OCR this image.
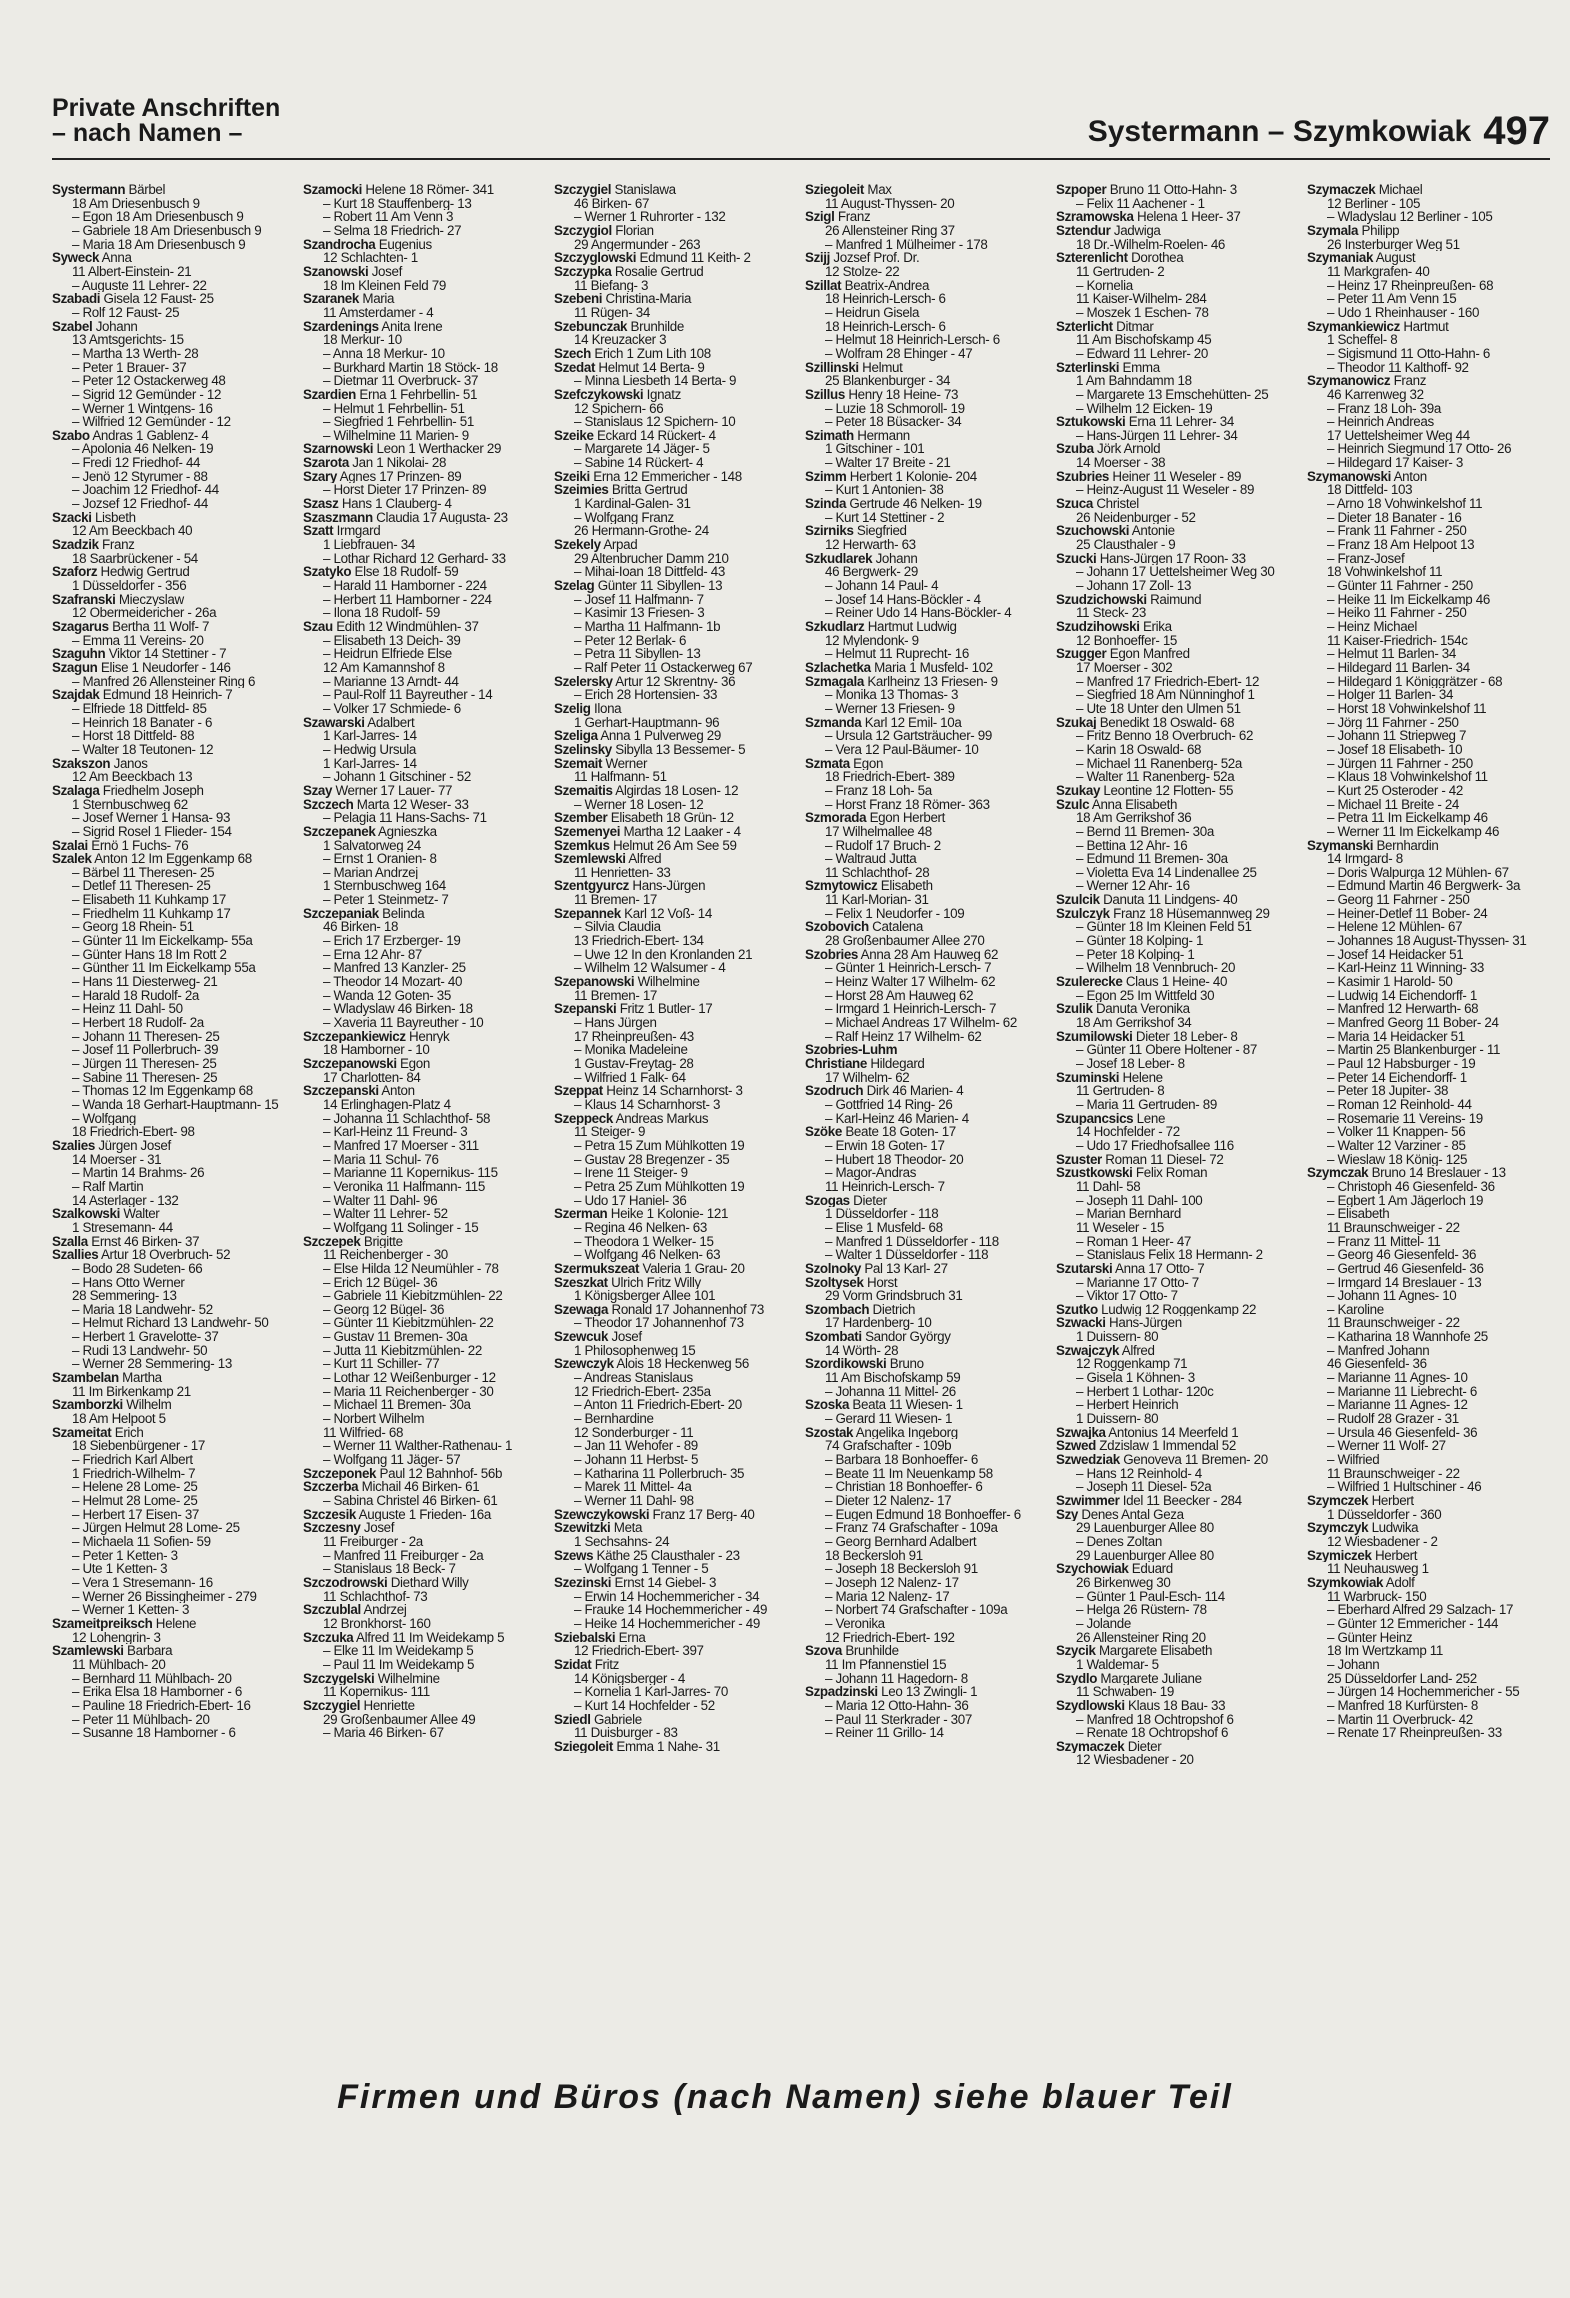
Private Anschriften
– nach Namen –	Systermann – Szymkowiak 497
Systermann Bärbel
18 Am Driesenbusch 9
– Egon 18 Am Driesenbusch 9
– Gabriele 18 Am Driesenbusch 9
– Maria 18 Am Driesenbusch 9
Syweck Anna
11 Albert-Einstein- 21
– Auguste 11 Lehrer- 22
Szabadi Gisela 12 Faust- 25
– Rolf 12 Faust- 25
Szabel Johann
13 Amtsgerichts- 15
– Martha 13 Werth- 28
– Peter 1 Brauer- 37
– Peter 12 Ostackerweg 48
– Sigrid 12 Gemünder - 12
– Werner 1 Wintgens- 16
– Wilfried 12 Gemünder - 12
Szabo Andras 1 Gablenz- 4
– Apolonia 46 Nelken- 19
– Fredi 12 Friedhof- 44
– Jenö 12 Styrumer - 88
– Joachim 12 Friedhof- 44
– Jozsef 12 Friedhof- 44
Szacki Lisbeth
12 Am Beeckbach 40
Szadzik Franz
18 Saarbrückener - 54
Szaforz Hedwig Gertrud
1 Düsseldorfer - 356
Szafranski Mieczyslaw
12 Obermeidericher - 26a
Szagarus Bertha 11 Wolf- 7
– Emma 11 Vereins- 20
Szaguhn Viktor 14 Stettiner - 7
Szagun Elise 1 Neudorfer - 146
– Manfred 26 Allensteiner Ring 6
Szajdak Edmund 18 Heinrich- 7
– Elfriede 18 Dittfeld- 85
– Heinrich 18 Banater - 6
– Horst 18 Dittfeld- 88
– Walter 18 Teutonen- 12
Szakszon Janos
12 Am Beeckbach 13
Szalaga Friedhelm Joseph
1 Sternbuschweg 62
– Josef Werner 1 Hansa- 93
– Sigrid Rosel 1 Flieder- 154
Szalai Ernö 1 Fuchs- 76
Szalek Anton 12 Im Eggenkamp 68
– Bärbel 11 Theresen- 25
– Detlef 11 Theresen- 25
– Elisabeth 11 Kuhkamp 17
– Friedhelm 11 Kuhkamp 17
– Georg 18 Rhein- 51
– Günter 11 Im Eickelkamp- 55a
– Günter Hans 18 Im Rott 2
– Günther 11 Im Eickelkamp 55a
– Hans 11 Diesterweg- 21
– Harald 18 Rudolf- 2a
– Heinz 11 Dahl- 50
– Herbert 18 Rudolf- 2a
– Johann 11 Theresen- 25
– Josef 11 Pollerbruch- 39
– Jürgen 11 Theresen- 25
– Sabine 11 Theresen- 25
– Thomas 12 Im Eggenkamp 68
– Wanda 18 Gerhart-Hauptmann- 15
– Wolfgang
18 Friedrich-Ebert- 98
Szalies Jürgen Josef
14 Moerser - 31
– Martin 14 Brahms- 26
– Ralf Martin
14 Asterlager - 132
Szalkowski Walter
1 Stresemann- 44
Szalla Ernst 46 Birken- 37
Szallies Artur 18 Overbruch- 52
– Bodo 28 Sudeten- 66
– Hans Otto Werner
28 Semmering- 13
– Maria 18 Landwehr- 52
– Helmut Richard 13 Landwehr- 50
– Herbert 1 Gravelotte- 37
– Rudi 13 Landwehr- 50
– Werner 28 Semmering- 13
Szambelan Martha
11 Im Birkenkamp 21
Szamborzki Wilhelm
18 Am Helpoot 5
Szameitat Erich
18 Siebenbürgener - 17
– Friedrich Karl Albert
1 Friedrich-Wilhelm- 7
– Helene 28 Lome- 25
– Helmut 28 Lome- 25
– Herbert 17 Eisen- 37
– Jürgen Helmut 28 Lome- 25
– Michaela 11 Sofien- 59
– Peter 1 Ketten- 3
– Ute 1 Ketten- 3
– Vera 1 Stresemann- 16
– Werner 26 Bissingheimer - 279
– Werner 1 Ketten- 3
Szameitpreiksch Helene
12 Lohengrin- 3
Szamlewski Barbara
11 Mühlbach- 20
– Bernhard 11 Mühlbach- 20
– Erika Elsa 18 Hamborner - 6
– Pauline 18 Friedrich-Ebert- 16
– Peter 11 Mühlbach- 20
– Susanne 18 Hamborner - 6
Szamocki Helene 18 Römer- 341
– Kurt 18 Stauffenberg- 13
– Robert 11 Am Venn 3
– Selma 18 Friedrich- 27
Szandrocha Eugenius
12 Schlachten- 1
Szanowski Josef
18 Im Kleinen Feld 79
Szaranek Maria
11 Amsterdamer - 4
Szardenings Anita Irene
18 Merkur- 10
– Anna 18 Merkur- 10
– Burkhard Martin 18 Stöck- 18
– Dietmar 11 Overbruck- 37
Szardien Erna 1 Fehrbellin- 51
– Helmut 1 Fehrbellin- 51
– Siegfried 1 Fehrbellin- 51
– Wilhelmine 11 Marien- 9
Szarnowski Leon 1 Werthacker 29
Szarota Jan 1 Nikolai- 28
Szary Agnes 17 Prinzen- 89
– Horst Dieter 17 Prinzen- 89
Szasz Hans 1 Clauberg- 4
Szaszmann Claudia 17 Augusta- 23
Szatt Irmgard
1 Liebfrauen- 34
– Lothar Richard 12 Gerhard- 33
Szatyko Else 18 Rudolf- 59
– Harald 11 Hamborner - 224
– Herbert 11 Hamborner - 224
– Ilona 18 Rudolf- 59
Szau Edith 12 Windmühlen- 37
– Elisabeth 13 Deich- 39
– Heidrun Elfriede Else
12 Am Kamannshof 8
– Marianne 13 Arndt- 44
– Paul-Rolf 11 Bayreuther - 14
– Volker 17 Schmiede- 6
Szawarski Adalbert
1 Karl-Jarres- 14
– Hedwig Ursula
1 Karl-Jarres- 14
– Johann 1 Gitschiner - 52
Szay Werner 17 Lauer- 77
Szczech Marta 12 Weser- 33
– Pelagia 11 Hans-Sachs- 71
Szczepanek Agnieszka
1 Salvatorweg 24
– Ernst 1 Oranien- 8
– Marian Andrzej
1 Sternbuschweg 164
– Peter 1 Steinmetz- 7
Szczepaniak Belinda
46 Birken- 18
– Erich 17 Erzberger- 19
– Erna 12 Ahr- 87
– Manfred 13 Kanzler- 25
– Theodor 14 Mozart- 40
– Wanda 12 Goten- 35
– Wladyslaw 46 Birken- 18
– Xaveria 11 Bayreuther - 10
Szczepankiewicz Henryk
18 Hamborner - 10
Szczepanowski Egon
17 Charlotten- 84
Szczepanski Anton
14 Erlinghagen-Platz 4
– Johanna 11 Schlachthof- 58
– Karl-Heinz 11 Freund- 3
– Manfred 17 Moerser - 311
– Maria 11 Schul- 76
– Marianne 11 Kopernikus- 115
– Veronika 11 Halfmann- 115
– Walter 11 Dahl- 96
– Walter 11 Lehrer- 52
– Wolfgang 11 Solinger - 15
Szczepek Brigitte
11 Reichenberger - 30
– Else Hilda 12 Neumühler - 78
– Erich 12 Bügel- 36
– Gabriele 11 Kiebitzmühlen- 22
– Georg 12 Bügel- 36
– Günter 11 Kiebitzmühlen- 22
– Gustav 11 Bremen- 30a
– Jutta 11 Kiebitzmühlen- 22
– Kurt 11 Schiller- 77
– Lothar 12 Weißenburger - 12
– Maria 11 Reichenberger - 30
– Michael 11 Bremen- 30a
– Norbert Wilhelm
11 Wilfried- 68
– Werner 11 Walther-Rathenau- 1
– Wolfgang 11 Jäger- 57
Szczeponek Paul 12 Bahnhof- 56b
Szczerba Michail 46 Birken- 61
– Sabina Christel 46 Birken- 61
Szczesik Auguste 1 Frieden- 16a
Szczesny Josef
11 Freiburger - 2a
– Manfred 11 Freiburger - 2a
– Stanislaus 18 Beck- 7
Szczodrowski Diethard Willy
11 Schlachthof- 73
Szczublal Andrzej
12 Bronkhorst- 160
Szczuka Alfred 11 Im Weidekamp 5
– Elke 11 Im Weidekamp 5
– Paul 11 Im Weidekamp 5
Szczygelski Wilhelmine
11 Kopernikus- 111
Szczygiel Henriette
29 Großenbaumer Allee 49
– Maria 46 Birken- 67
Szczygiel Stanislawa
46 Birken- 67
– Werner 1 Ruhrorter - 132
Szczygiol Florian
29 Angermunder - 263
Szczyglowski Edmund 11 Keith- 2
Szczypka Rosalie Gertrud
11 Biefang- 3
Szebeni Christina-Maria
11 Rügen- 34
Szebunczak Brunhilde
14 Kreuzacker 3
Szech Erich 1 Zum Lith 108
Szedat Helmut 14 Berta- 9
– Minna Liesbeth 14 Berta- 9
Szefczykowski Ignatz
12 Spichern- 66
– Stanislaus 12 Spichern- 10
Szeike Eckard 14 Rückert- 4
– Margarete 14 Jäger- 5
– Sabine 14 Rückert- 4
Szeiki Erna 12 Emmericher - 148
Szeimies Britta Gertrud
1 Kardinal-Galen- 31
– Wolfgang Franz
26 Hermann-Grothe- 24
Szekely Arpad
29 Altenbrucher Damm 210
– Mihai-Ioan 18 Dittfeld- 43
Szelag Günter 11 Sibyllen- 13
– Josef 11 Halfmann- 7
– Kasimir 13 Friesen- 3
– Martha 11 Halfmann- 1b
– Peter 12 Berlak- 6
– Petra 11 Sibyllen- 13
– Ralf Peter 11 Ostackerweg 67
Szelersky Artur 12 Skrentny- 36
– Erich 28 Hortensien- 33
Szelig Ilona
1 Gerhart-Hauptmann- 96
Szeliga Anna 1 Pulverweg 29
Szelinsky Sibylla 13 Bessemer- 5
Szemait Werner
11 Halfmann- 51
Szemaitis Algirdas 18 Losen- 12
– Werner 18 Losen- 12
Szember Elisabeth 18 Grün- 12
Szemenyei Martha 12 Laaker - 4
Szemkus Helmut 26 Am See 59
Szemlewski Alfred
11 Henrietten- 33
Szentgyurcz Hans-Jürgen
11 Bremen- 17
Szepannek Karl 12 Voß- 14
– Silvia Claudia
13 Friedrich-Ebert- 134
– Uwe 12 In den Kronlanden 21
– Wilhelm 12 Walsumer - 4
Szepanowski Wilhelmine
11 Bremen- 17
Szepanski Fritz 1 Butler- 17
– Hans Jürgen
17 Rheinpreußen- 43
– Monika Madeleine
1 Gustav-Freytag- 28
– Wilfried 1 Falk- 64
Szeppat Heinz 14 Scharnhorst- 3
– Klaus 14 Scharnhorst- 3
Szeppeck Andreas Markus
11 Steiger- 9
– Petra 15 Zum Mühlkotten 19
– Gustav 28 Bregenzer - 35
– Irene 11 Steiger- 9
– Petra 25 Zum Mühlkotten 19
– Udo 17 Haniel- 36
Szerman Heike 1 Kolonie- 121
– Regina 46 Nelken- 63
– Theodora 1 Welker- 15
– Wolfgang 46 Nelken- 63
Szermukszeat Valeria 1 Grau- 20
Szeszkat Ulrich Fritz Willy
1 Königsberger Allee 101
Szewaga Ronald 17 Johannenhof 73
– Theodor 17 Johannenhof 73
Szewcuk Josef
1 Philosophenweg 15
Szewczyk Alois 18 Heckenweg 56
– Andreas Stanislaus
12 Friedrich-Ebert- 235a
– Anton 11 Friedrich-Ebert- 20
– Bernhardine
12 Sonderburger - 11
– Jan 11 Wehofer - 89
– Johann 11 Herbst- 5
– Katharina 11 Pollerbruch- 35
– Marek 11 Mittel- 4a
– Werner 11 Dahl- 98
Szewczykowski Franz 17 Berg- 40
Szewitzki Meta
1 Sechsahns- 24
Szews Käthe 25 Clausthaler - 23
– Wolfgang 1 Tenner - 5
Szezinski Ernst 14 Giebel- 3
– Erwin 14 Hochemmericher - 34
– Frauke 14 Hochemmericher - 49
– Heike 14 Hochemmericher - 49
Sziebalski Erna
12 Friedrich-Ebert- 397
Szidat Fritz
14 Königsberger - 4
– Kornelia 1 Karl-Jarres- 70
– Kurt 14 Hochfelder - 52
Sziedl Gabriele
11 Duisburger - 83
Sziegoleit Emma 1 Nahe- 31
Sziegoleit Max
11 August-Thyssen- 20
Szigl Franz
26 Allensteiner Ring 37
– Manfred 1 Mülheimer - 178
Szijj Jozsef Prof. Dr.
12 Stolze- 22
Szillat Beatrix-Andrea
18 Heinrich-Lersch- 6
– Heidrun Gisela
18 Heinrich-Lersch- 6
– Helmut 18 Heinrich-Lersch- 6
– Wolfram 28 Ehinger - 47
Szillinski Helmut
25 Blankenburger - 34
Szillus Henry 18 Heine- 73
– Luzie 18 Schmoroll- 19
– Peter 18 Büsacker- 34
Szimath Hermann
1 Gitschiner - 101
– Walter 17 Breite - 21
Szimm Herbert 1 Kolonie- 204
– Kurt 1 Antonien- 38
Szinda Gertrude 46 Nelken- 19
– Kurt 14 Stettiner - 2
Szirniks Siegfried
12 Herwarth- 63
Szkudlarek Johann
46 Bergwerk- 29
– Johann 14 Paul- 4
– Josef 14 Hans-Böckler - 4
– Reiner Udo 14 Hans-Böckler- 4
Szkudlarz Hartmut Ludwig
12 Mylendonk- 9
– Helmut 11 Ruprecht- 16
Szlachetka Maria 1 Musfeld- 102
Szmagala Karlheinz 13 Friesen- 9
– Monika 13 Thomas- 3
– Werner 13 Friesen- 9
Szmanda Karl 12 Emil- 10a
– Ursula 12 Gartsträucher- 99
– Vera 12 Paul-Bäumer- 10
Szmata Egon
18 Friedrich-Ebert- 389
– Franz 18 Loh- 5a
– Horst Franz 18 Römer- 363
Szmorada Egon Herbert
17 Wilhelmallee 48
– Rudolf 17 Bruch- 2
– Waltraud Jutta
11 Schlachthof- 28
Szmytowicz Elisabeth
11 Karl-Morian- 31
– Felix 1 Neudorfer - 109
Szobovich Catalena
28 Großenbaumer Allee 270
Szobries Anna 28 Am Hauweg 62
– Günter 1 Heinrich-Lersch- 7
– Heinz Walter 17 Wilhelm- 62
– Horst 28 Am Hauweg 62
– Irmgard 1 Heinrich-Lersch- 7
– Michael Andreas 17 Wilhelm- 62
– Ralf Heinz 17 Wilhelm- 62
Szobries-Luhm
Christiane Hildegard
17 Wilhelm- 62
Szodruch Dirk 46 Marien- 4
– Gottfried 14 Ring- 26
– Karl-Heinz 46 Marien- 4
Szöke Beate 18 Goten- 17
– Erwin 18 Goten- 17
– Hubert 18 Theodor- 20
– Magor-Andras
11 Heinrich-Lersch- 7
Szogas Dieter
1 Düsseldorfer - 118
– Elise 1 Musfeld- 68
– Manfred 1 Düsseldorfer - 118
– Walter 1 Düsseldorfer - 118
Szolnoky Pal 13 Karl- 27
Szoltysek Horst
29 Vorm Grindsbruch 31
Szombach Dietrich
17 Hardenberg- 10
Szombati Sandor György
14 Wörth- 28
Szordikowski Bruno
11 Am Bischofskamp 59
– Johanna 11 Mittel- 26
Szoska Beata 11 Wiesen- 1
– Gerard 11 Wiesen- 1
Szostak Angelika Ingeborg
74 Grafschafter - 109b
– Barbara 18 Bonhoeffer- 6
– Beate 11 Im Neuenkamp 58
– Christian 18 Bonhoeffer- 6
– Dieter 12 Nalenz- 17
– Eugen Edmund 18 Bonhoeffer- 6
– Franz 74 Grafschafter - 109a
– Georg Bernhard Adalbert
18 Beckersloh 91
– Joseph 18 Beckersloh 91
– Joseph 12 Nalenz- 17
– Maria 12 Nalenz- 17
– Norbert 74 Grafschafter - 109a
– Veronika
12 Friedrich-Ebert- 192
Szova Brunhilde
11 Im Pfannenstiel 15
– Johann 11 Hagedorn- 8
Szpadzinski Leo 13 Zwingli- 1
– Maria 12 Otto-Hahn- 36
– Paul 11 Sterkrader - 307
– Reiner 11 Grillo- 14
Szpoper Bruno 11 Otto-Hahn- 3
– Felix 11 Aachener - 1
Szramowska Helena 1 Heer- 37
Sztendur Jadwiga
18 Dr.-Wilhelm-Roelen- 46
Szterenlicht Dorothea
11 Gertruden- 2
– Kornelia
11 Kaiser-Wilhelm- 284
– Moszek 1 Eschen- 78
Szterlicht Ditmar
11 Am Bischofskamp 45
– Edward 11 Lehrer- 20
Szterlinski Emma
1 Am Bahndamm 18
– Margarete 13 Emschehütten- 25
– Wilhelm 12 Eicken- 19
Sztukowski Erna 11 Lehrer- 34
– Hans-Jürgen 11 Lehrer- 34
Szuba Jörk Arnold
14 Moerser - 38
Szubries Heiner 11 Weseler - 89
– Heinz-August 11 Weseler - 89
Szuca Christel
26 Neidenburger - 52
Szuchowski Antonie
25 Clausthaler - 9
Szucki Hans-Jürgen 17 Roon- 33
– Johann 17 Uettelsheimer Weg 30
– Johann 17 Zoll- 13
Szudzichowski Raimund
11 Steck- 23
Szudzihowski Erika
12 Bonhoeffer- 15
Szugger Egon Manfred
17 Moerser - 302
– Manfred 17 Friedrich-Ebert- 12
– Siegfried 18 Am Nünninghof 1
– Ute 18 Unter den Ulmen 51
Szukaj Benedikt 18 Oswald- 68
– Fritz Benno 18 Overbruch- 62
– Karin 18 Oswald- 68
– Michael 11 Ranenberg- 52a
– Walter 11 Ranenberg- 52a
Szukay Leontine 12 Flotten- 55
Szulc Anna Elisabeth
18 Am Gerrikshof 36
– Bernd 11 Bremen- 30a
– Bettina 12 Ahr- 16
– Edmund 11 Bremen- 30a
– Violetta Eva 14 Lindenallee 25
– Werner 12 Ahr- 16
Szulcik Danuta 11 Lindgens- 40
Szulczyk Franz 18 Hüsemannweg 29
– Günter 18 Im Kleinen Feld 51
– Günter 18 Kolping- 1
– Peter 18 Kolping- 1
– Wilhelm 18 Vennbruch- 20
Szulerecke Claus 1 Heine- 40
– Egon 25 Im Wittfeld 30
Szulik Danuta Veronika
18 Am Gerrikshof 34
Szumilowski Dieter 18 Leber- 8
– Günter 11 Obere Holtener - 87
– Josef 18 Leber- 8
Szuminski Helene
11 Gertruden- 8
– Maria 11 Gertruden- 89
Szupancsics Lene
14 Hochfelder - 72
– Udo 17 Friedhofsallee 116
Szuster Roman 11 Diesel- 72
Szustkowski Felix Roman
11 Dahl- 58
– Joseph 11 Dahl- 100
– Marian Bernhard
11 Weseler - 15
– Roman 1 Heer- 47
– Stanislaus Felix 18 Hermann- 2
Szutarski Anna 17 Otto- 7
– Marianne 17 Otto- 7
– Viktor 17 Otto- 7
Szutko Ludwig 12 Roggenkamp 22
Szwacki Hans-Jürgen
1 Duissern- 80
Szwajczyk Alfred
12 Roggenkamp 71
– Gisela 1 Köhnen- 3
– Herbert 1 Lothar- 120c
– Herbert Heinrich
1 Duissern- 80
Szwajka Antonius 14 Meerfeld 1
Szwed Zdzislaw 1 Immendal 52
Szwedziak Genoveva 11 Bremen- 20
– Hans 12 Reinhold- 4
– Joseph 11 Diesel- 52a
Szwimmer Idel 11 Beecker - 284
Szy Denes Antal Geza
29 Lauenburger Allee 80
– Denes Zoltan
29 Lauenburger Allee 80
Szychowiak Eduard
26 Birkenweg 30
– Günter 1 Paul-Esch- 114
– Helga 26 Rüstern- 78
– Jolande
26 Allensteiner Ring 20
Szycik Margarete Elisabeth
1 Waldemar- 5
Szydlo Margarete Juliane
11 Schwaben- 19
Szydlowski Klaus 18 Bau- 33
– Manfred 18 Ochtropshof 6
– Renate 18 Ochtropshof 6
Szymaczek Dieter
12 Wiesbadener - 20
Szymaczek Michael
12 Berliner - 105
– Wladyslau 12 Berliner - 105
Szymala Philipp
26 Insterburger Weg 51
Szymaniak August
11 Markgrafen- 40
– Heinz 17 Rheinpreußen- 68
– Peter 11 Am Venn 15
– Udo 1 Rheinhauser - 160
Szymankiewicz Hartmut
1 Scheffel- 8
– Sigismund 11 Otto-Hahn- 6
– Theodor 11 Kalthoff- 92
Szymanowicz Franz
46 Karrenweg 32
– Franz 18 Loh- 39a
– Heinrich Andreas
17 Uettelsheimer Weg 44
– Heinrich Siegmund 17 Otto- 26
– Hildegard 17 Kaiser- 3
Szymanowski Anton
18 Dittfeld- 103
– Arno 18 Vohwinkelshof 11
– Dieter 18 Banater - 16
– Frank 11 Fahrner - 250
– Franz 18 Am Helpoot 13
– Franz-Josef
18 Vohwinkelshof 11
– Günter 11 Fahrner - 250
– Heike 11 Im Eickelkamp 46
– Heiko 11 Fahrner - 250
– Heinz Michael
11 Kaiser-Friedrich- 154c
– Helmut 11 Barlen- 34
– Hildegard 11 Barlen- 34
– Hildegard 1 Königgrätzer - 68
– Holger 11 Barlen- 34
– Horst 18 Vohwinkelshof 11
– Jörg 11 Fahrner - 250
– Johann 11 Striepweg 7
– Josef 18 Elisabeth- 10
– Jürgen 11 Fahrner - 250
– Klaus 18 Vohwinkelshof 11
– Kurt 25 Osteroder - 42
– Michael 11 Breite - 24
– Petra 11 Im Eickelkamp 46
– Werner 11 Im Eickelkamp 46
Szymanski Bernhardin
14 Irmgard- 8
– Doris Walpurga 12 Mühlen- 67
– Edmund Martin 46 Bergwerk- 3a
– Georg 11 Fahrner - 250
– Heiner-Detlef 11 Bober- 24
– Helene 12 Mühlen- 67
– Johannes 18 August-Thyssen- 31
– Josef 14 Heidacker 51
– Karl-Heinz 11 Winning- 33
– Kasimir 1 Harold- 50
– Ludwig 14 Eichendorff- 1
– Manfred 12 Herwarth- 68
– Manfred Georg 11 Bober- 24
– Maria 14 Heidacker 51
– Martin 25 Blankenburger - 11
– Paul 12 Habsburger - 19
– Peter 14 Eichendorff- 1
– Peter 18 Jupiter- 38
– Roman 12 Reinhold- 44
– Rosemarie 11 Vereins- 19
– Volker 11 Knappen- 56
– Walter 12 Varziner - 85
– Wieslaw 18 König- 125
Szymczak Bruno 14 Breslauer - 13
– Christoph 46 Giesenfeld- 36
– Egbert 1 Am Jägerloch 19
– Elisabeth
11 Braunschweiger - 22
– Franz 11 Mittel- 11
– Georg 46 Giesenfeld- 36
– Gertrud 46 Giesenfeld- 36
– Irmgard 14 Breslauer - 13
– Johann 11 Agnes- 10
– Karoline
11 Braunschweiger - 22
– Katharina 18 Wannhofe 25
– Manfred Johann
46 Giesenfeld- 36
– Marianne 11 Agnes- 10
– Marianne 11 Liebrecht- 6
– Marianne 11 Agnes- 12
– Rudolf 28 Grazer - 31
– Ursula 46 Giesenfeld- 36
– Werner 11 Wolf- 27
– Wilfried
11 Braunschweiger - 22
– Wilfried 1 Hultschiner - 46
Szymczek Herbert
1 Düsseldorfer - 360
Szymczyk Ludwika
12 Wiesbadener - 2
Szymiczek Herbert
11 Neuhausweg 1
Szymkowiak Adolf
11 Warbruck- 150
– Eberhard Alfred 29 Salzach- 17
– Günter 12 Emmericher - 144
– Günter Heinz
18 Im Wertzkamp 11
– Johann
25 Düsseldorfer Land- 252
– Jürgen 14 Hochemmericher - 55
– Manfred 18 Kurfürsten- 8
– Martin 11 Overbruck- 42
– Renate 17 Rheinpreußen- 33
Firmen und Büros (nach Namen) siehe blauer Teil
